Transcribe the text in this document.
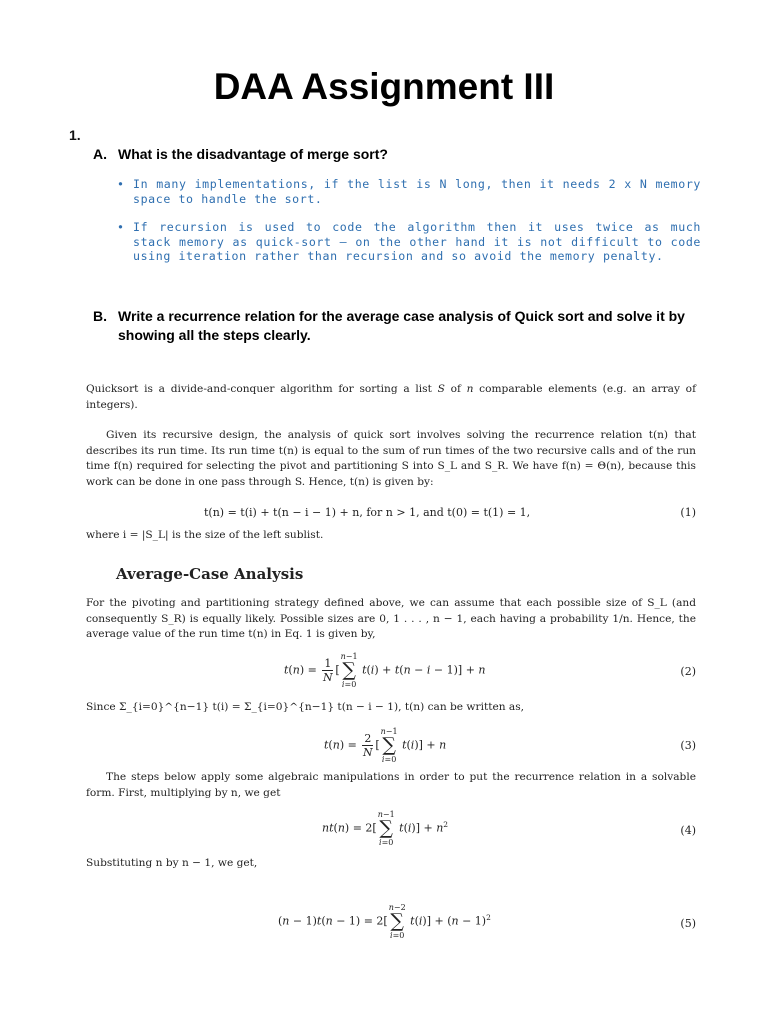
DAA Assignment III
1.
A. What is the disadvantage of merge sort?
• In many implementations, if the list is N long, then it needs 2 x N memory space to handle the sort.
• If recursion is used to code the algorithm then it uses twice as much stack memory as quick-sort – on the other hand it is not difficult to code using iteration rather than recursion and so avoid the memory penalty.
B. Write a recurrence relation for the average case analysis of Quick sort and solve it by showing all the steps clearly.

Quicksort is a divide-and-conquer algorithm for sorting a list S of n comparable elements (e.g. an array of integers).

Given its recursive design, the analysis of quick sort involves solving the recurrence relation t(n) that describes its run time. Its run time t(n) is equal to the sum of run times of the two recursive calls and of the run time f(n) required for selecting the pivot and partitioning S into S_L and S_R. We have f(n) = Θ(n), because this work can be done in one pass through S. Hence, t(n) is given by:

t(n) = t(i) + t(n − i − 1) + n, for n > 1, and t(0) = t(1) = 1,	(1)

where i = |S_L| is the size of the left sublist.

Average-Case Analysis

For the pivoting and partitioning strategy defined above, we can assume that each possible size of S_L (and consequently S_R) is equally likely. Possible sizes are 0, 1 . . . , n − 1, each having a probability 1/n. Hence, the average value of the run time t(n) in Eq. 1 is given by,

$t(n) = \frac{1}{N}$ [
n−1
∑
i=0
t(i) + t(n − i − 1)] + n	(2)

Since Σ_{i=0}^{n−1} t(i) = Σ_{i=0}^{n−1} t(n − i − 1), t(n) can be written as,

$t(n) = \frac{2}{N}$ [
n−1
∑
i=0
t(i)] + n	(3)

The steps below apply some algebraic manipulations in order to put the recurrence relation in a solvable form. First, multiplying by n, we get

nt(n) = 2[
n−1
∑
i=0
$t(i)] + n^2$	(4)

Substituting n by n − 1, we get,

(n − 1)t(n − 1) = 2[
n−2
∑
i=0
$t(i)] + (n - 1)^2$	(5)
